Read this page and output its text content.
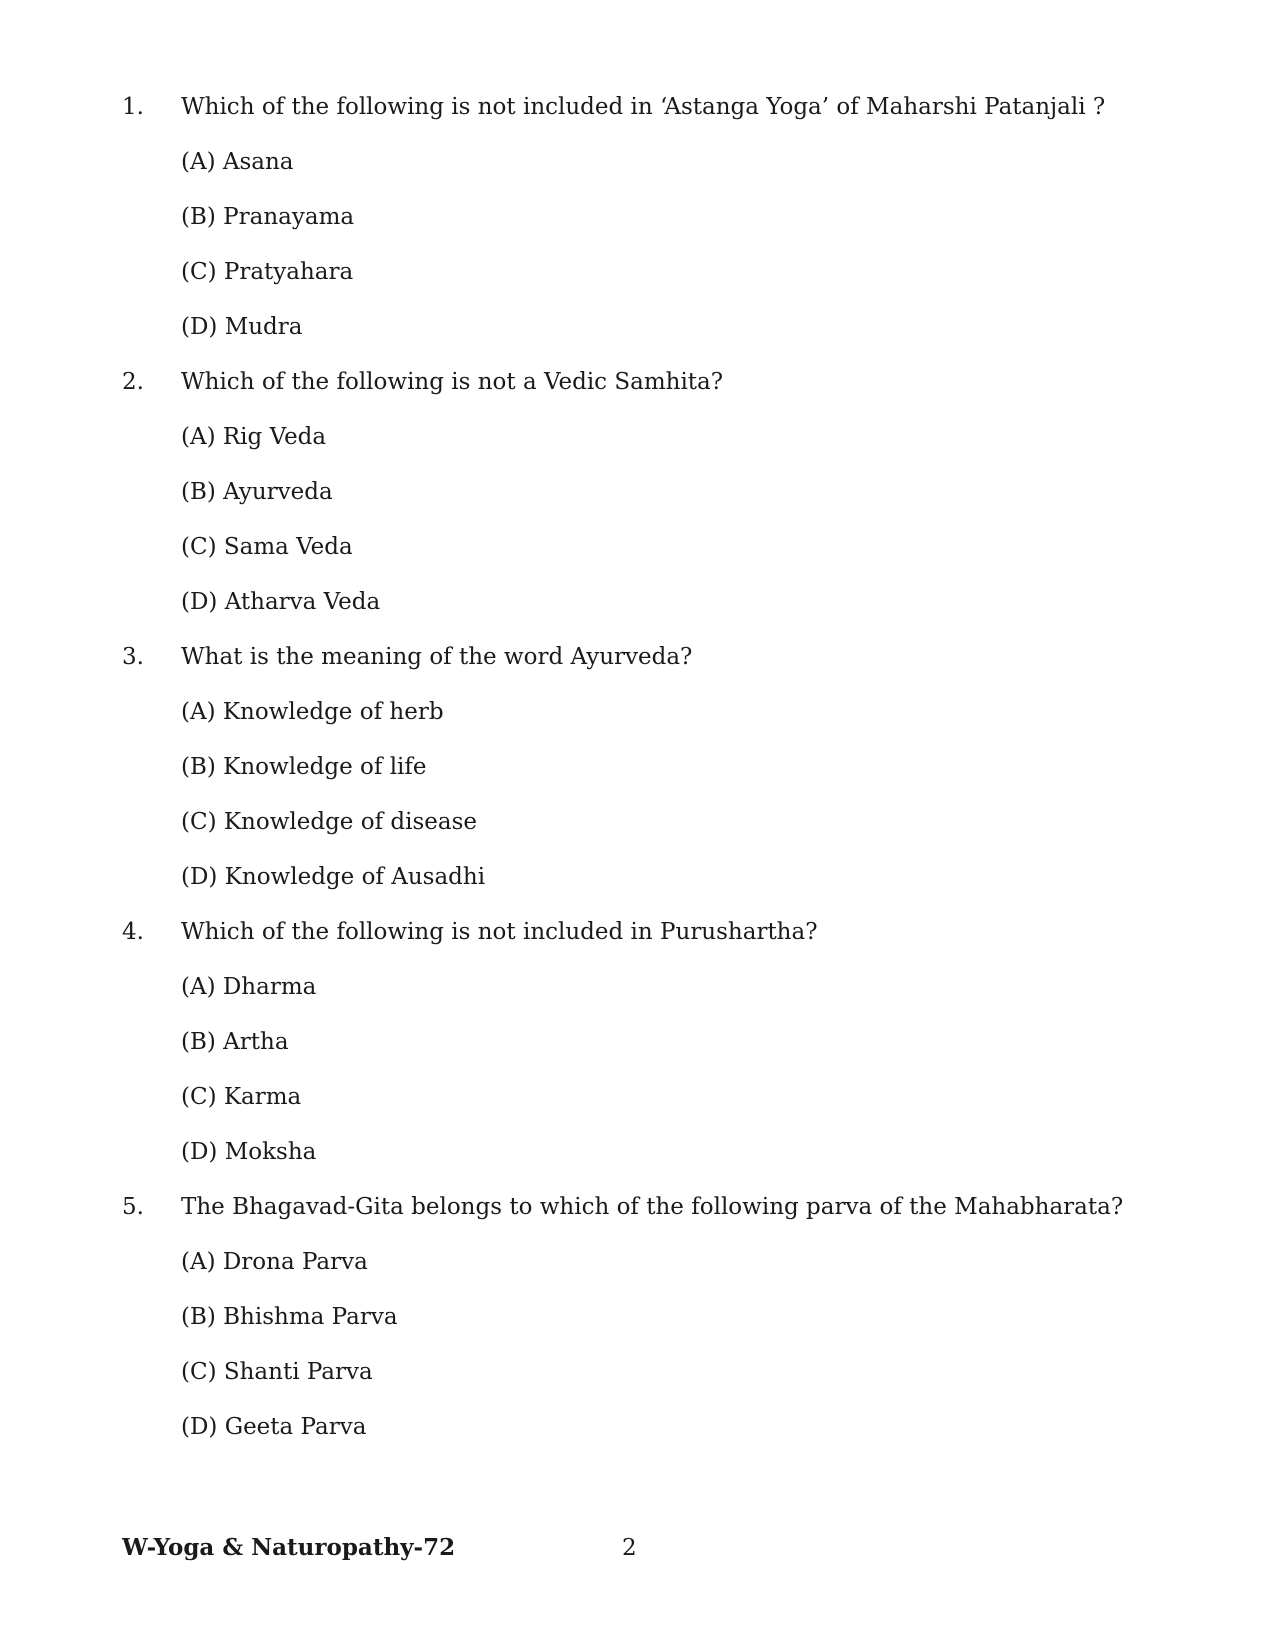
1.	Which of the following is not included in ‘Astanga Yoga’ of Maharshi Patanjali ?
(A) Asana
(B) Pranayama
(C) Pratyahara
(D) Mudra
2.	Which of the following is not a Vedic Samhita?
(A) Rig Veda
(B) Ayurveda
(C) Sama Veda
(D) Atharva Veda
3.	What is the meaning of the word Ayurveda?
(A) Knowledge of herb
(B) Knowledge of life
(C) Knowledge of disease
(D) Knowledge of Ausadhi
4.	Which of the following is not included in Purushartha?
(A) Dharma
(B) Artha
(C) Karma
(D) Moksha
5.	The Bhagavad-Gita belongs to which of the following parva of the Mahabharata?
(A) Drona Parva
(B) Bhishma Parva
(C) Shanti Parva
(D) Geeta Parva
W-Yoga & Naturopathy-72	2
